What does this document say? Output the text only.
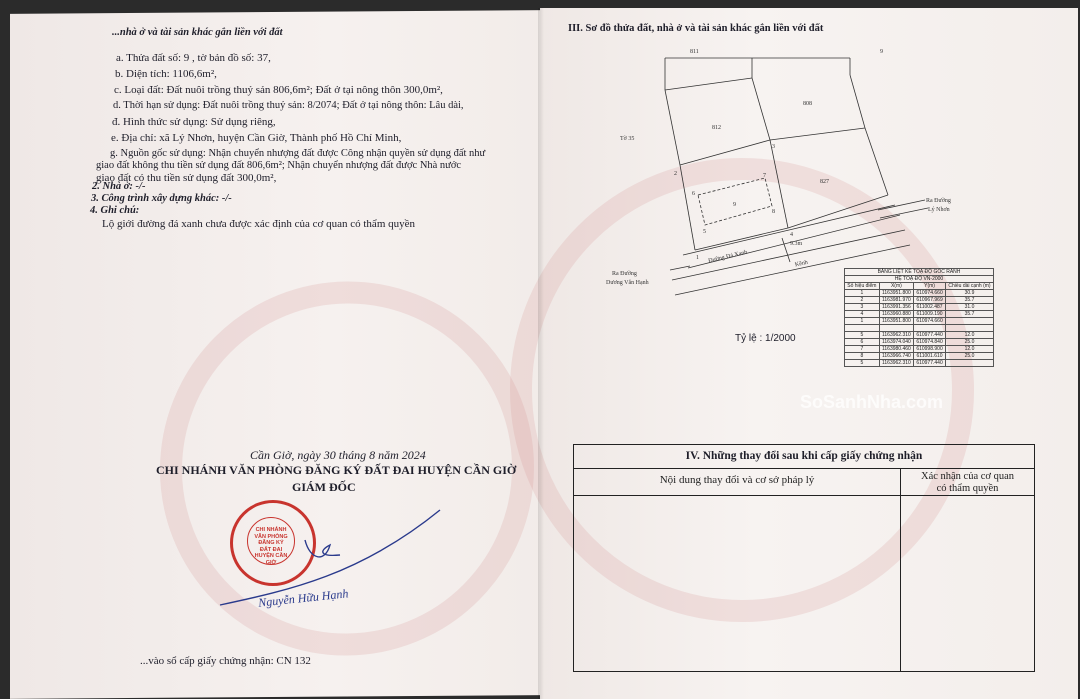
...nhà ở và tài sản khác gắn liền với đất
a. Thửa đất số: 9 , tờ bản đồ số: 37,
b. Diện tích: 1106,6m²,
c. Loại đất: Đất nuôi trồng thuỷ sản 806,6m²; Đất ở tại nông thôn 300,0m²,
d. Thời hạn sử dụng: Đất nuôi trồng thuỷ sản: 8/2074; Đất ở tại nông thôn: Lâu dài,
đ. Hình thức sử dụng: Sử dụng riêng,
e. Địa chỉ: xã Lý Nhơn, huyện Cần Giờ, Thành phố Hồ Chí Minh,
g. Nguồn gốc sử dụng: Nhận chuyển nhượng đất được Công nhận quyền sử dụng đất như
giao đất không thu tiền sử dụng đất 806,6m²; Nhận chuyển nhượng đất được Nhà nước
giao đất có thu tiền sử dụng đất 300,0m²,
2. Nhà ở: -/-
3. Công trình xây dựng khác: -/-
4. Ghi chú:
Lộ giới đường đá xanh chưa được xác định của cơ quan có thẩm quyền
Cần Giờ, ngày 30 tháng 8 năm 2024
CHI NHÁNH VĂN PHÒNG ĐĂNG KÝ ĐẤT ĐAI HUYỆN CẦN GIỜ
GIÁM ĐỐC
CHI NHÁNH VĂN PHÒNG ĐĂNG KÝ ĐẤT ĐAI HUYỆN CẦN GIỜ
Nguyễn Hữu Hạnh
...vào sổ cấp giấy chứng nhận: CN 132
III. Sơ đồ thửa đất, nhà ở và tài sản khác gắn liền với đất
811	9
808
812
827
9
Tờ 35
Đường Đá Xanh
9.3m
Kênh
Ra Đường
Lý Nhơn
Ra Đường
Dương Văn Hạnh
1
2
3
4
5
6
7
8
Tỷ lệ : 1/2000
BẢNG LIỆT KÊ TOẠ ĐỘ GÓC RANH			
HỆ TOẠ ĐỘ VN-2000			
Số hiệu điểm	X(m)	Y(m)	Chiều dài cạnh (m)
1	1163951.800	610974.660	30.9
2	1163981.970	610967.969	35.7
3	1163991.356	611002.487	31.0
4	1163960.880	611009.190	35.7
1	1163951.800	610974.660	

5	1163962.310	610977.440	12.0
6	1163974.040	610974.840	25.0
7	1163980.460	610998.900	12.0
8	1163966.740	611001.610	25.0
5	1163962.310	610977.440	
SoSanhNha.com
IV. Những thay đổi sau khi cấp giấy chứng nhận
Nội dung thay đổi và cơ sở pháp lý	Xác nhận của cơ quan
có thẩm quyền
